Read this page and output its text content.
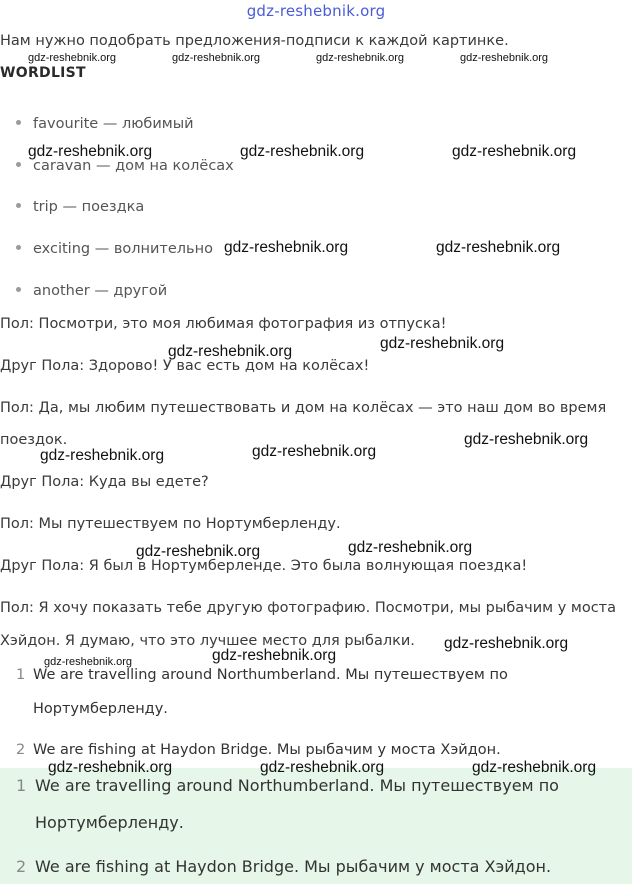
gdz-reshebnik.org
Нам нужно подобрать предложения-подписи к каждой картинке.
WORDLIST
favourite — любимый
caravan — дом на колёсах
trip — поездка
exciting — волнительно
another — другой
Пол: Посмотри, это моя любимая фотография из отпуска!
Друг Пола: Здорово! У вас есть дом на колёсах!
Пол: Да, мы любим путешествовать и дом на колёсах — это наш дом во время
поездок.
Друг Пола: Куда вы едете?
Пол: Мы путешествуем по Нортумберленду.
Друг Пола: Я был в Нортумберленде. Это была волнующая поездка!
Пол: Я хочу показать тебе другую фотографию. Посмотри, мы рыбачим у моста
Хэйдон. Я думаю, что это лучшее место для рыбалки.
1 We are travelling around Northumberland. Мы путешествуем по
Нортумберленду.
2 We are fishing at Haydon Bridge. Мы рыбачим у моста Хэйдон.
1 We are travelling around Northumberland. Мы путешествуем по
Нортумберленду.
2 We are fishing at Haydon Bridge. Мы рыбачим у моста Хэйдон.
gdz-reshebnik.org	gdz-reshebnik.org	gdz-reshebnik.org	gdz-reshebnik.org
gdz-reshebnik.org	gdz-reshebnik.org	gdz-reshebnik.org
gdz-reshebnik.org	gdz-reshebnik.org
gdz-reshebnik.org	gdz-reshebnik.org
gdz-reshebnik.org
gdz-reshebnik.org	gdz-reshebnik.org
gdz-reshebnik.org	gdz-reshebnik.org
gdz-reshebnik.org
gdz-reshebnik.org
gdz-reshebnik.org
gdz-reshebnik.org	gdz-reshebnik.org	gdz-reshebnik.org
